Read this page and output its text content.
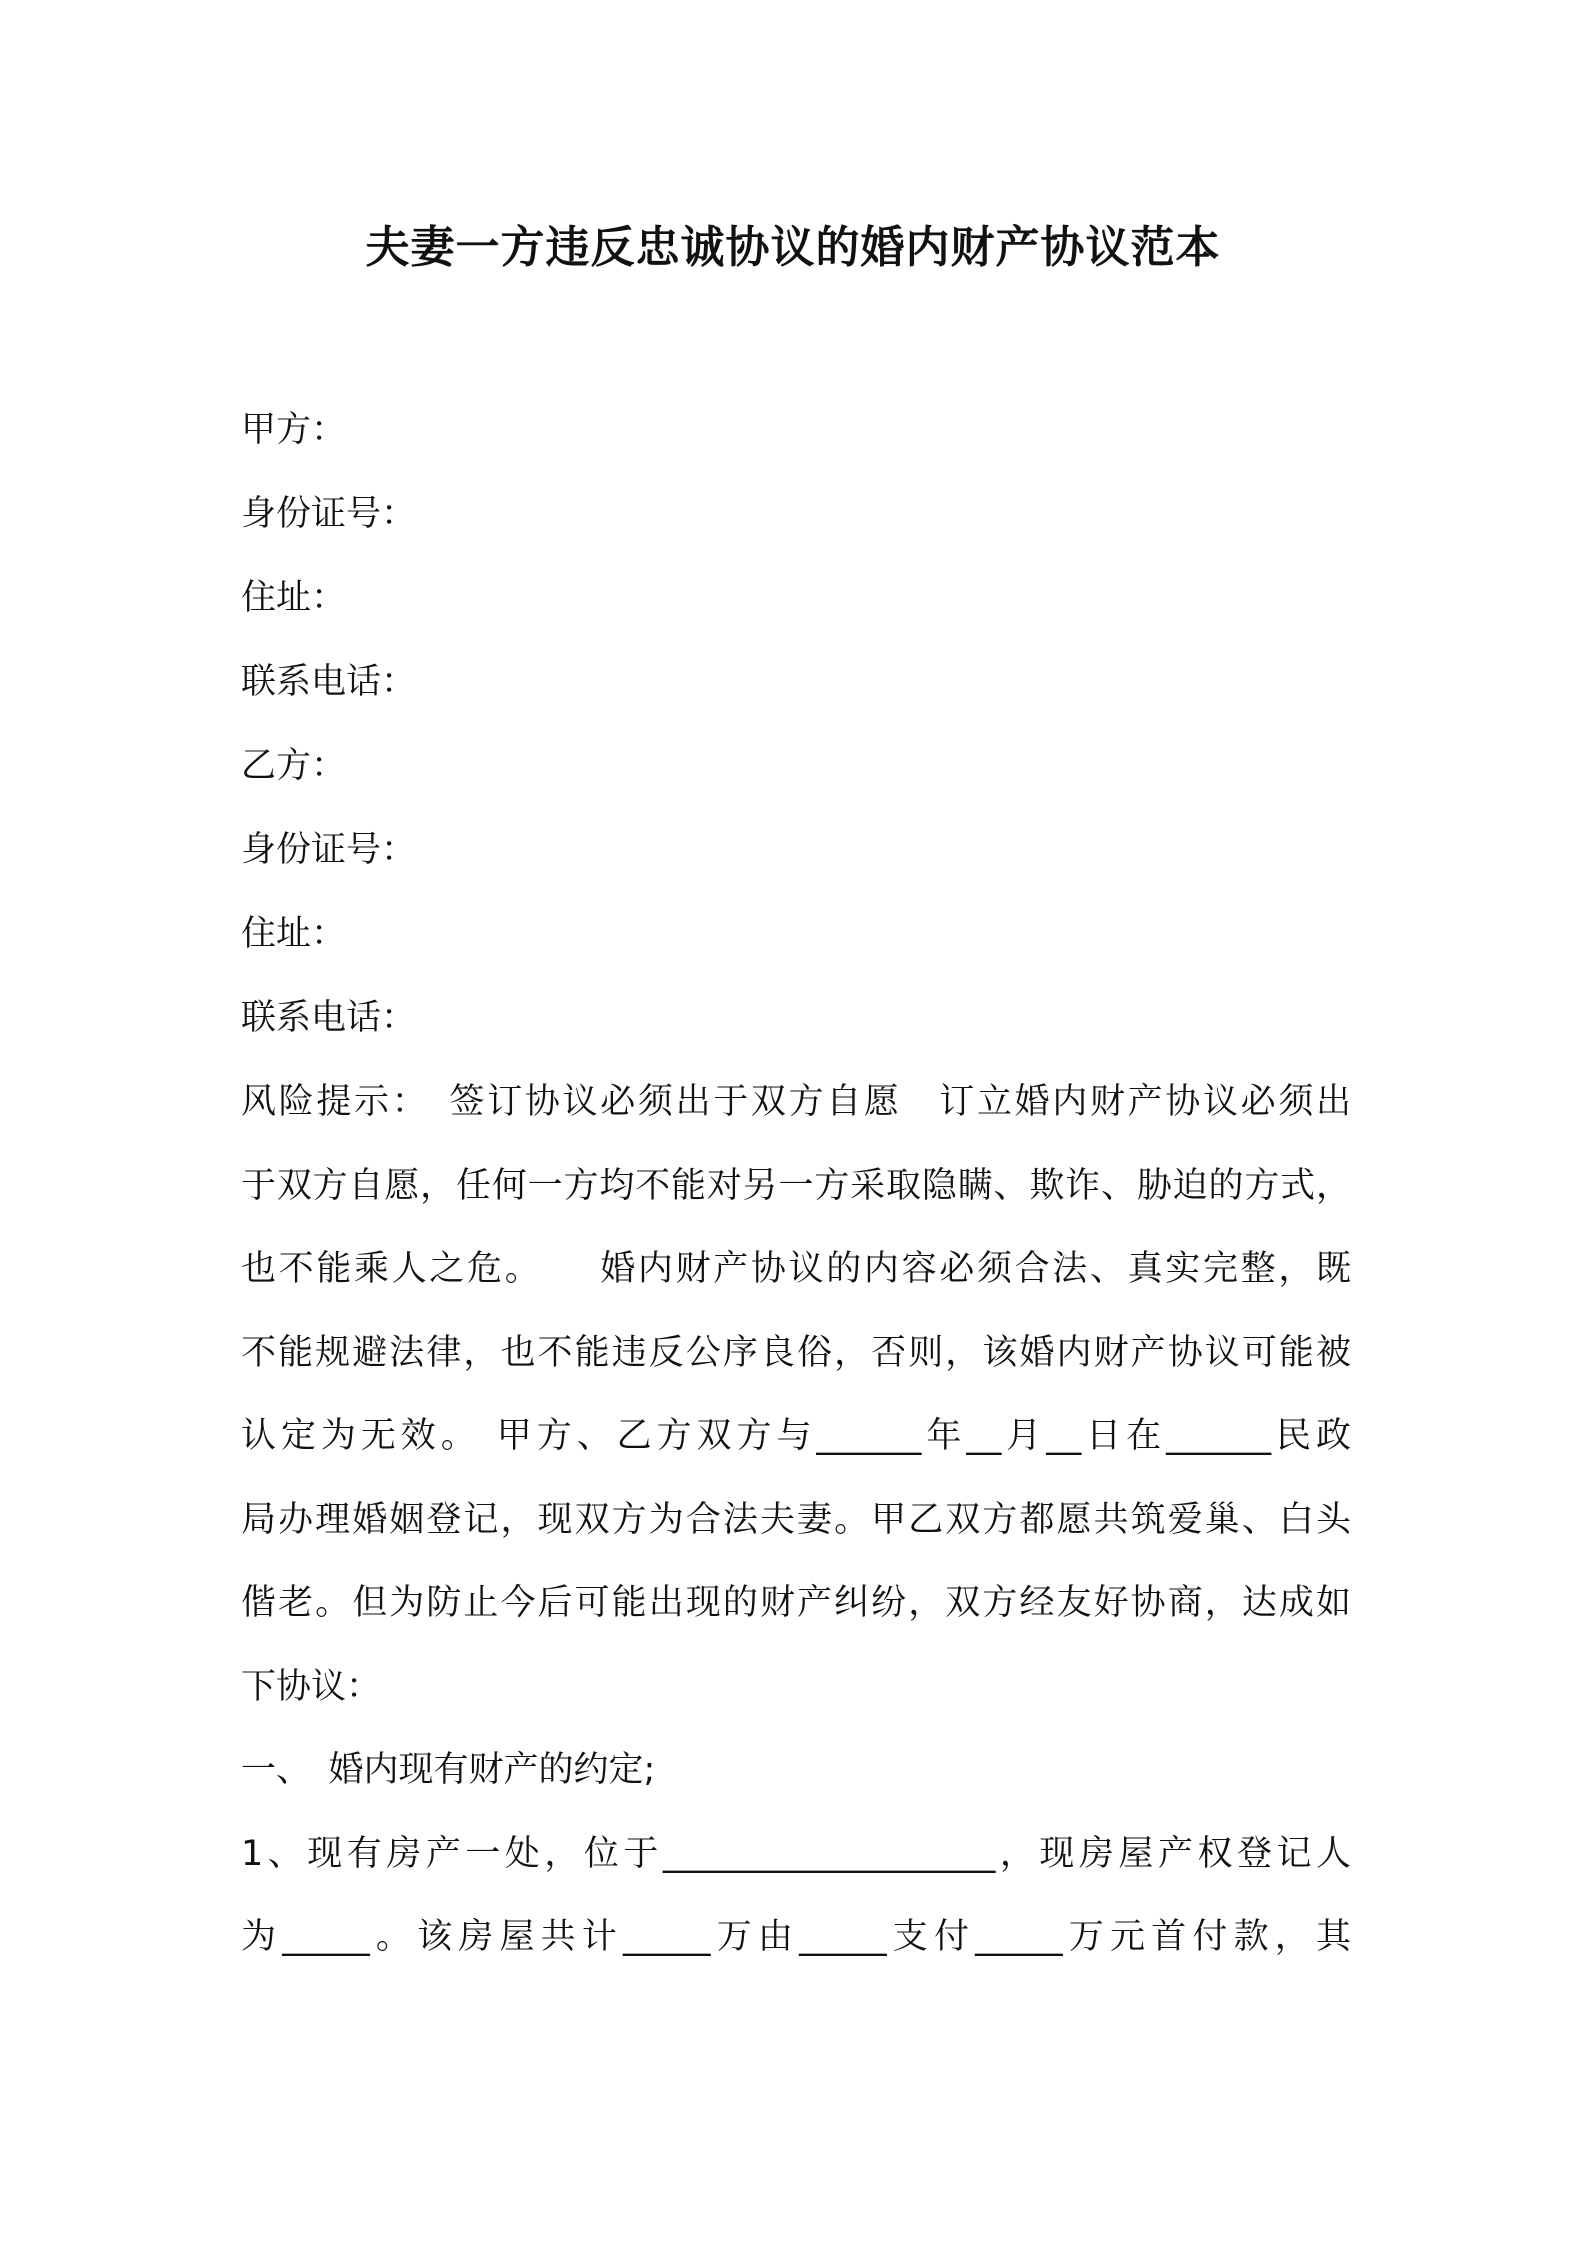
夫妻一方违反忠诚协议的婚内财产协议范本
甲方：
身份证号：
住址：
联系电话：
乙方：
身份证号：
住址：
联系电话：
风险提示：　签订协议必须出于双方自愿　订立婚内财产协议必须出
于双方自愿，任何一方均不能对另一方采取隐瞒、欺诈、胁迫的方式，
也不能乘人之危。　　婚内财产协议的内容必须合法、真实完整，既
不能规避法律，也不能违反公序良俗，否则，该婚内财产协议可能被
认定为无效。 甲方、乙方双方与______年__月__日在______民政
局办理婚姻登记，现双方为合法夫妻。甲乙双方都愿共筑爱巢、白头
偕老。但为防止今后可能出现的财产纠纷，双方经友好协商，达成如
下协议：
一、　婚内现有财产的约定;
1、现有房产一处，位于___________________，现房屋产权登记人
为_____。该房屋共计_____万由_____支付_____万元首付款，其
